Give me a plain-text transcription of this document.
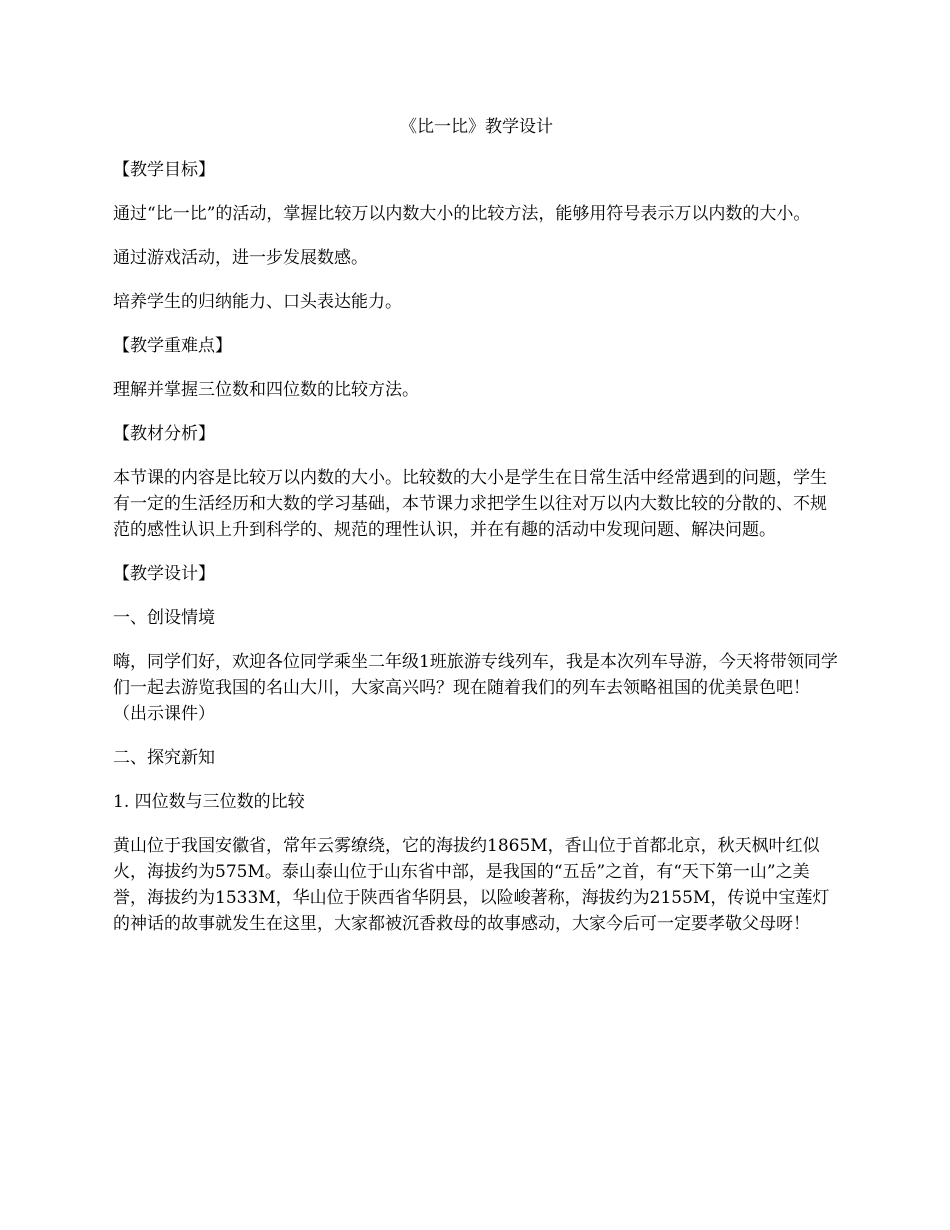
《比一比》教学设计
【教学目标】
通过“比一比”的活动，掌握比较万以内数大小的比较方法，能够用符号表示万以内数的大小。
通过游戏活动，进一步发展数感。
培养学生的归纳能力、口头表达能力。
【教学重难点】
理解并掌握三位数和四位数的比较方法。
【教材分析】
本节课的内容是比较万以内数的大小。比较数的大小是学生在日常生活中经常遇到的问题，学生有一定的生活经历和大数的学习基础，本节课力求把学生以往对万以内大数比较的分散的、不规范的感性认识上升到科学的、规范的理性认识，并在有趣的活动中发现问题、解决问题。
【教学设计】
一、创设情境
嗨，同学们好，欢迎各位同学乘坐二年级1班旅游专线列车，我是本次列车导游，今天将带领同学们一起去游览我国的名山大川，大家高兴吗？现在随着我们的列车去领略祖国的优美景色吧！（出示课件）
二、探究新知
1. 四位数与三位数的比较
黄山位于我国安徽省，常年云雾缭绕，它的海拔约1865M，香山位于首都北京，秋天枫叶红似火，海拔约为575M。泰山泰山位于山东省中部，是我国的“五岳”之首，有“天下第一山”之美誉，海拔约为1533M，华山位于陕西省华阴县，以险峻著称，海拔约为2155M，传说中宝莲灯的神话的故事就发生在这里，大家都被沉香救母的故事感动，大家今后可一定要孝敬父母呀！
